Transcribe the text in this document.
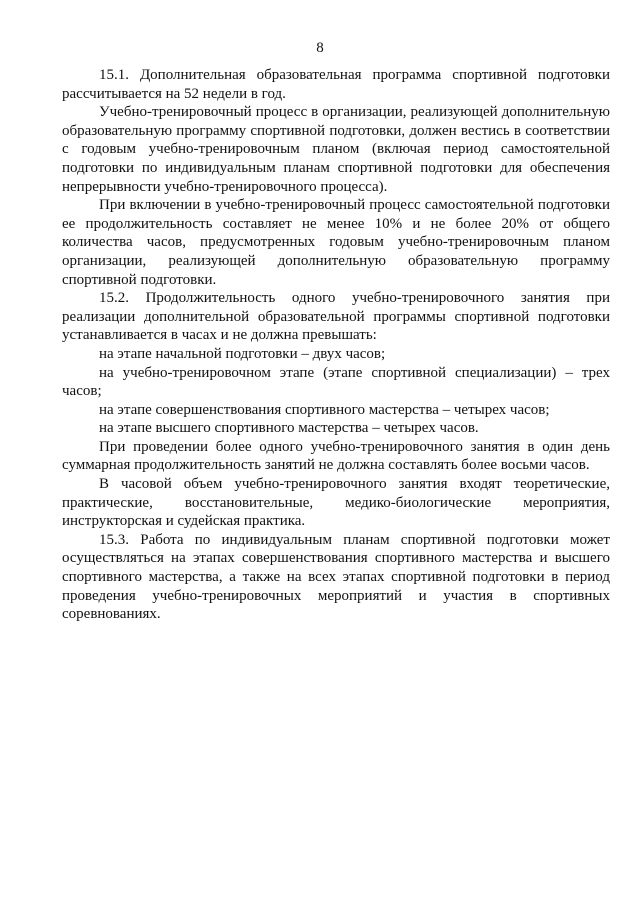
8

15.1. Дополнительная образовательная программа спортивной подготовки рассчитывается на 52 недели в год.

Учебно-тренировочный процесс в организации, реализующей дополнительную образовательную программу спортивной подготовки, должен вестись в соответствии с годовым учебно-тренировочным планом (включая период самостоятельной подготовки по индивидуальным планам спортивной подготовки для обеспечения непрерывности учебно-тренировочного процесса).

При включении в учебно-тренировочный процесс самостоятельной подготовки ее продолжительность составляет не менее 10% и не более 20% от общего количества часов, предусмотренных годовым учебно-тренировочным планом организации, реализующей дополнительную образовательную программу спортивной подготовки.

15.2. Продолжительность одного учебно-тренировочного занятия при реализации дополнительной образовательной программы спортивной подготовки устанавливается в часах и не должна превышать:

на этапе начальной подготовки – двух часов;

на учебно-тренировочном этапе (этапе спортивной специализации) – трех часов;

на этапе совершенствования спортивного мастерства – четырех часов;

на этапе высшего спортивного мастерства – четырех часов.

При проведении более одного учебно-тренировочного занятия в один день суммарная продолжительность занятий не должна составлять более восьми часов.

В часовой объем учебно-тренировочного занятия входят теоретические, практические, восстановительные, медико-биологические мероприятия, инструкторская и судейская практика.

15.3. Работа по индивидуальным планам спортивной подготовки может осуществляться на этапах совершенствования спортивного мастерства и высшего спортивного мастерства, а также на всех этапах спортивной подготовки в период проведения учебно-тренировочных мероприятий и участия в спортивных соревнованиях.
